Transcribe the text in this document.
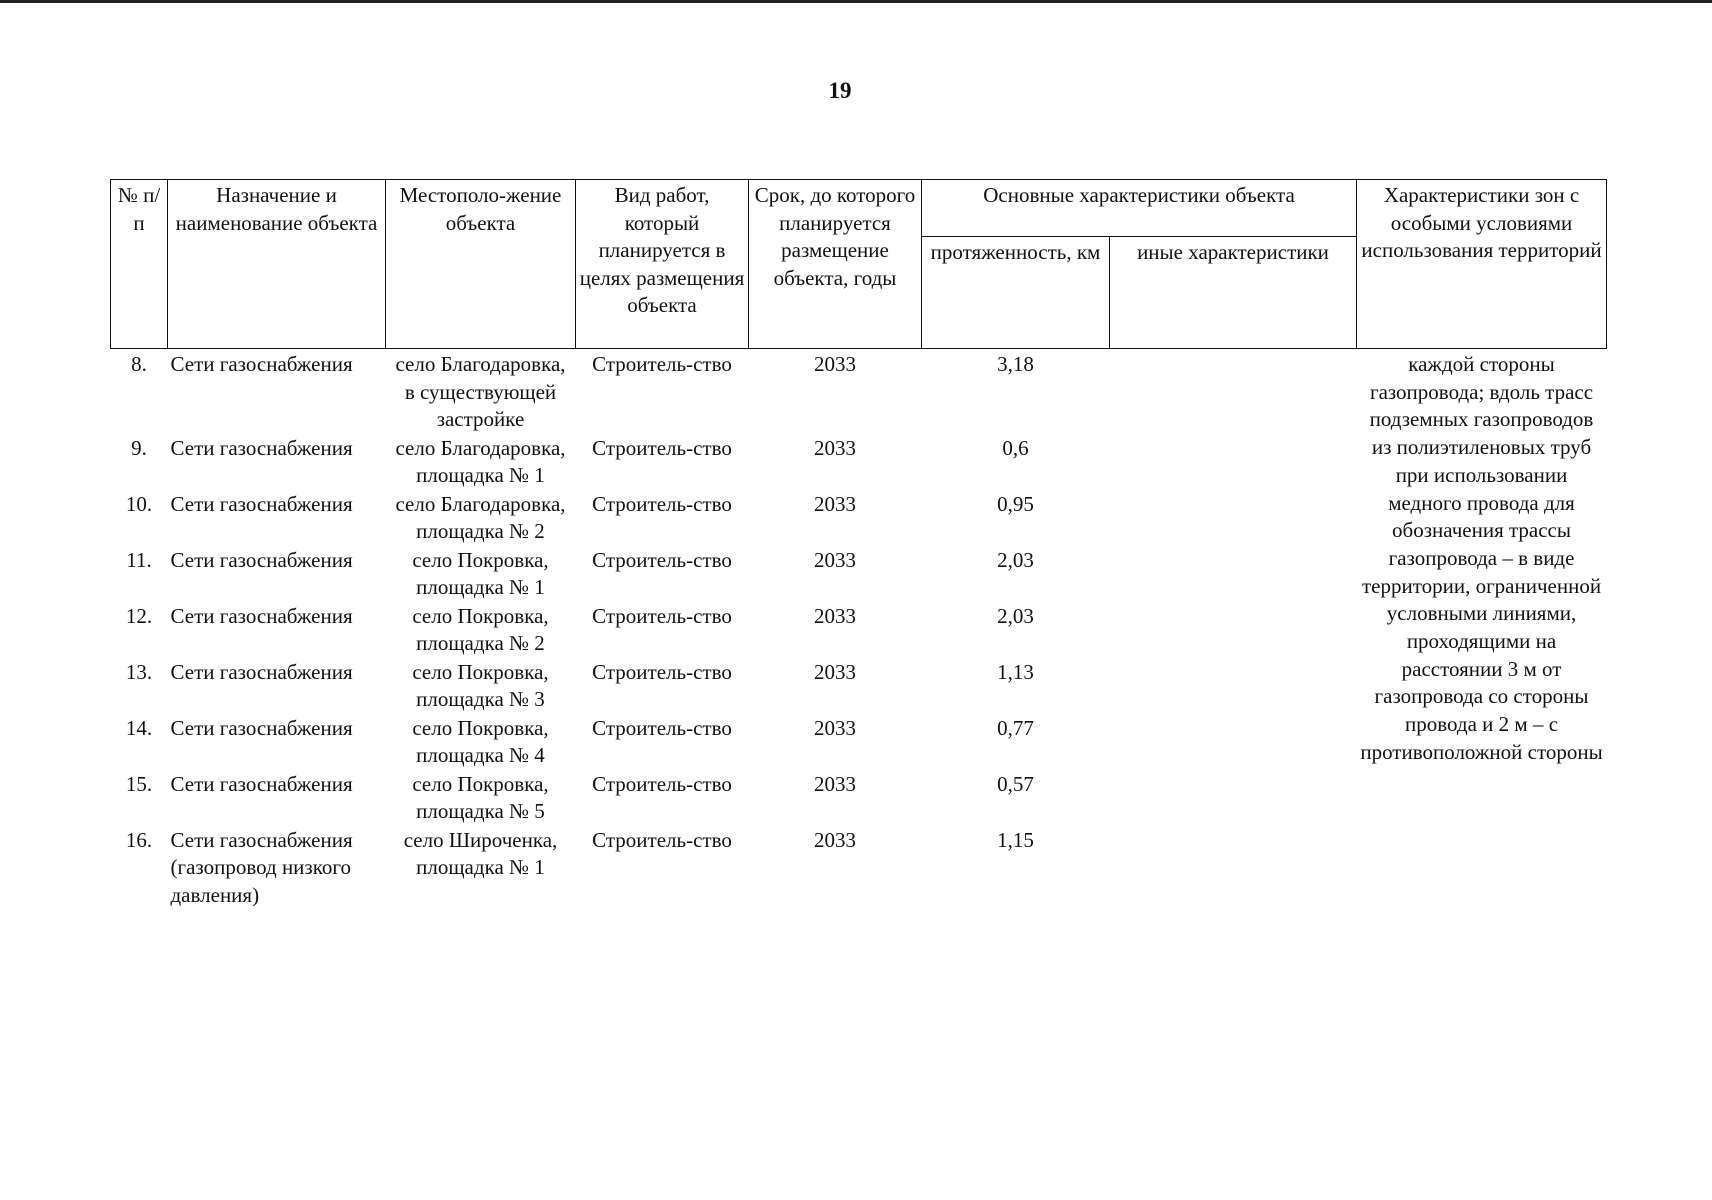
19
№ п/п	Назначение и наименование объекта	Местополо-жение объекта	Вид работ, который планируется в целях размещения объекта	Срок, до которого планируется размещение объекта, годы	Основные характеристики объекта		Характеристики зон с особыми условиями использования территорий
					протяженность, км	иные характеристики	
8.	Сети газоснабжения	село Благодаровка, в существующей застройке	Строитель-ство	2033	3,18		каждой стороны газопровода; вдоль трасс подземных газопроводов из полиэтиленовых труб при использовании медного провода для обозначения трассы газопровода – в виде территории, ограниченной условными линиями, проходящими на расстоянии 3 м от газопровода со стороны провода и 2 м – с противоположной стороны
9.	Сети газоснабжения	село Благодаровка, площадка № 1	Строитель-ство	2033	0,6		
10.	Сети газоснабжения	село Благодаровка, площадка № 2	Строитель-ство	2033	0,95		
11.	Сети газоснабжения	село Покровка, площадка № 1	Строитель-ство	2033	2,03		
12.	Сети газоснабжения	село Покровка, площадка № 2	Строитель-ство	2033	2,03		
13.	Сети газоснабжения	село Покровка, площадка № 3	Строитель-ство	2033	1,13		
14.	Сети газоснабжения	село Покровка, площадка № 4	Строитель-ство	2033	0,77		
15.	Сети газоснабжения	село Покровка, площадка № 5	Строитель-ство	2033	0,57		
16.	Сети газоснабжения (газопровод низкого давления)	село Широченка, площадка № 1	Строитель-ство	2033	1,15		
